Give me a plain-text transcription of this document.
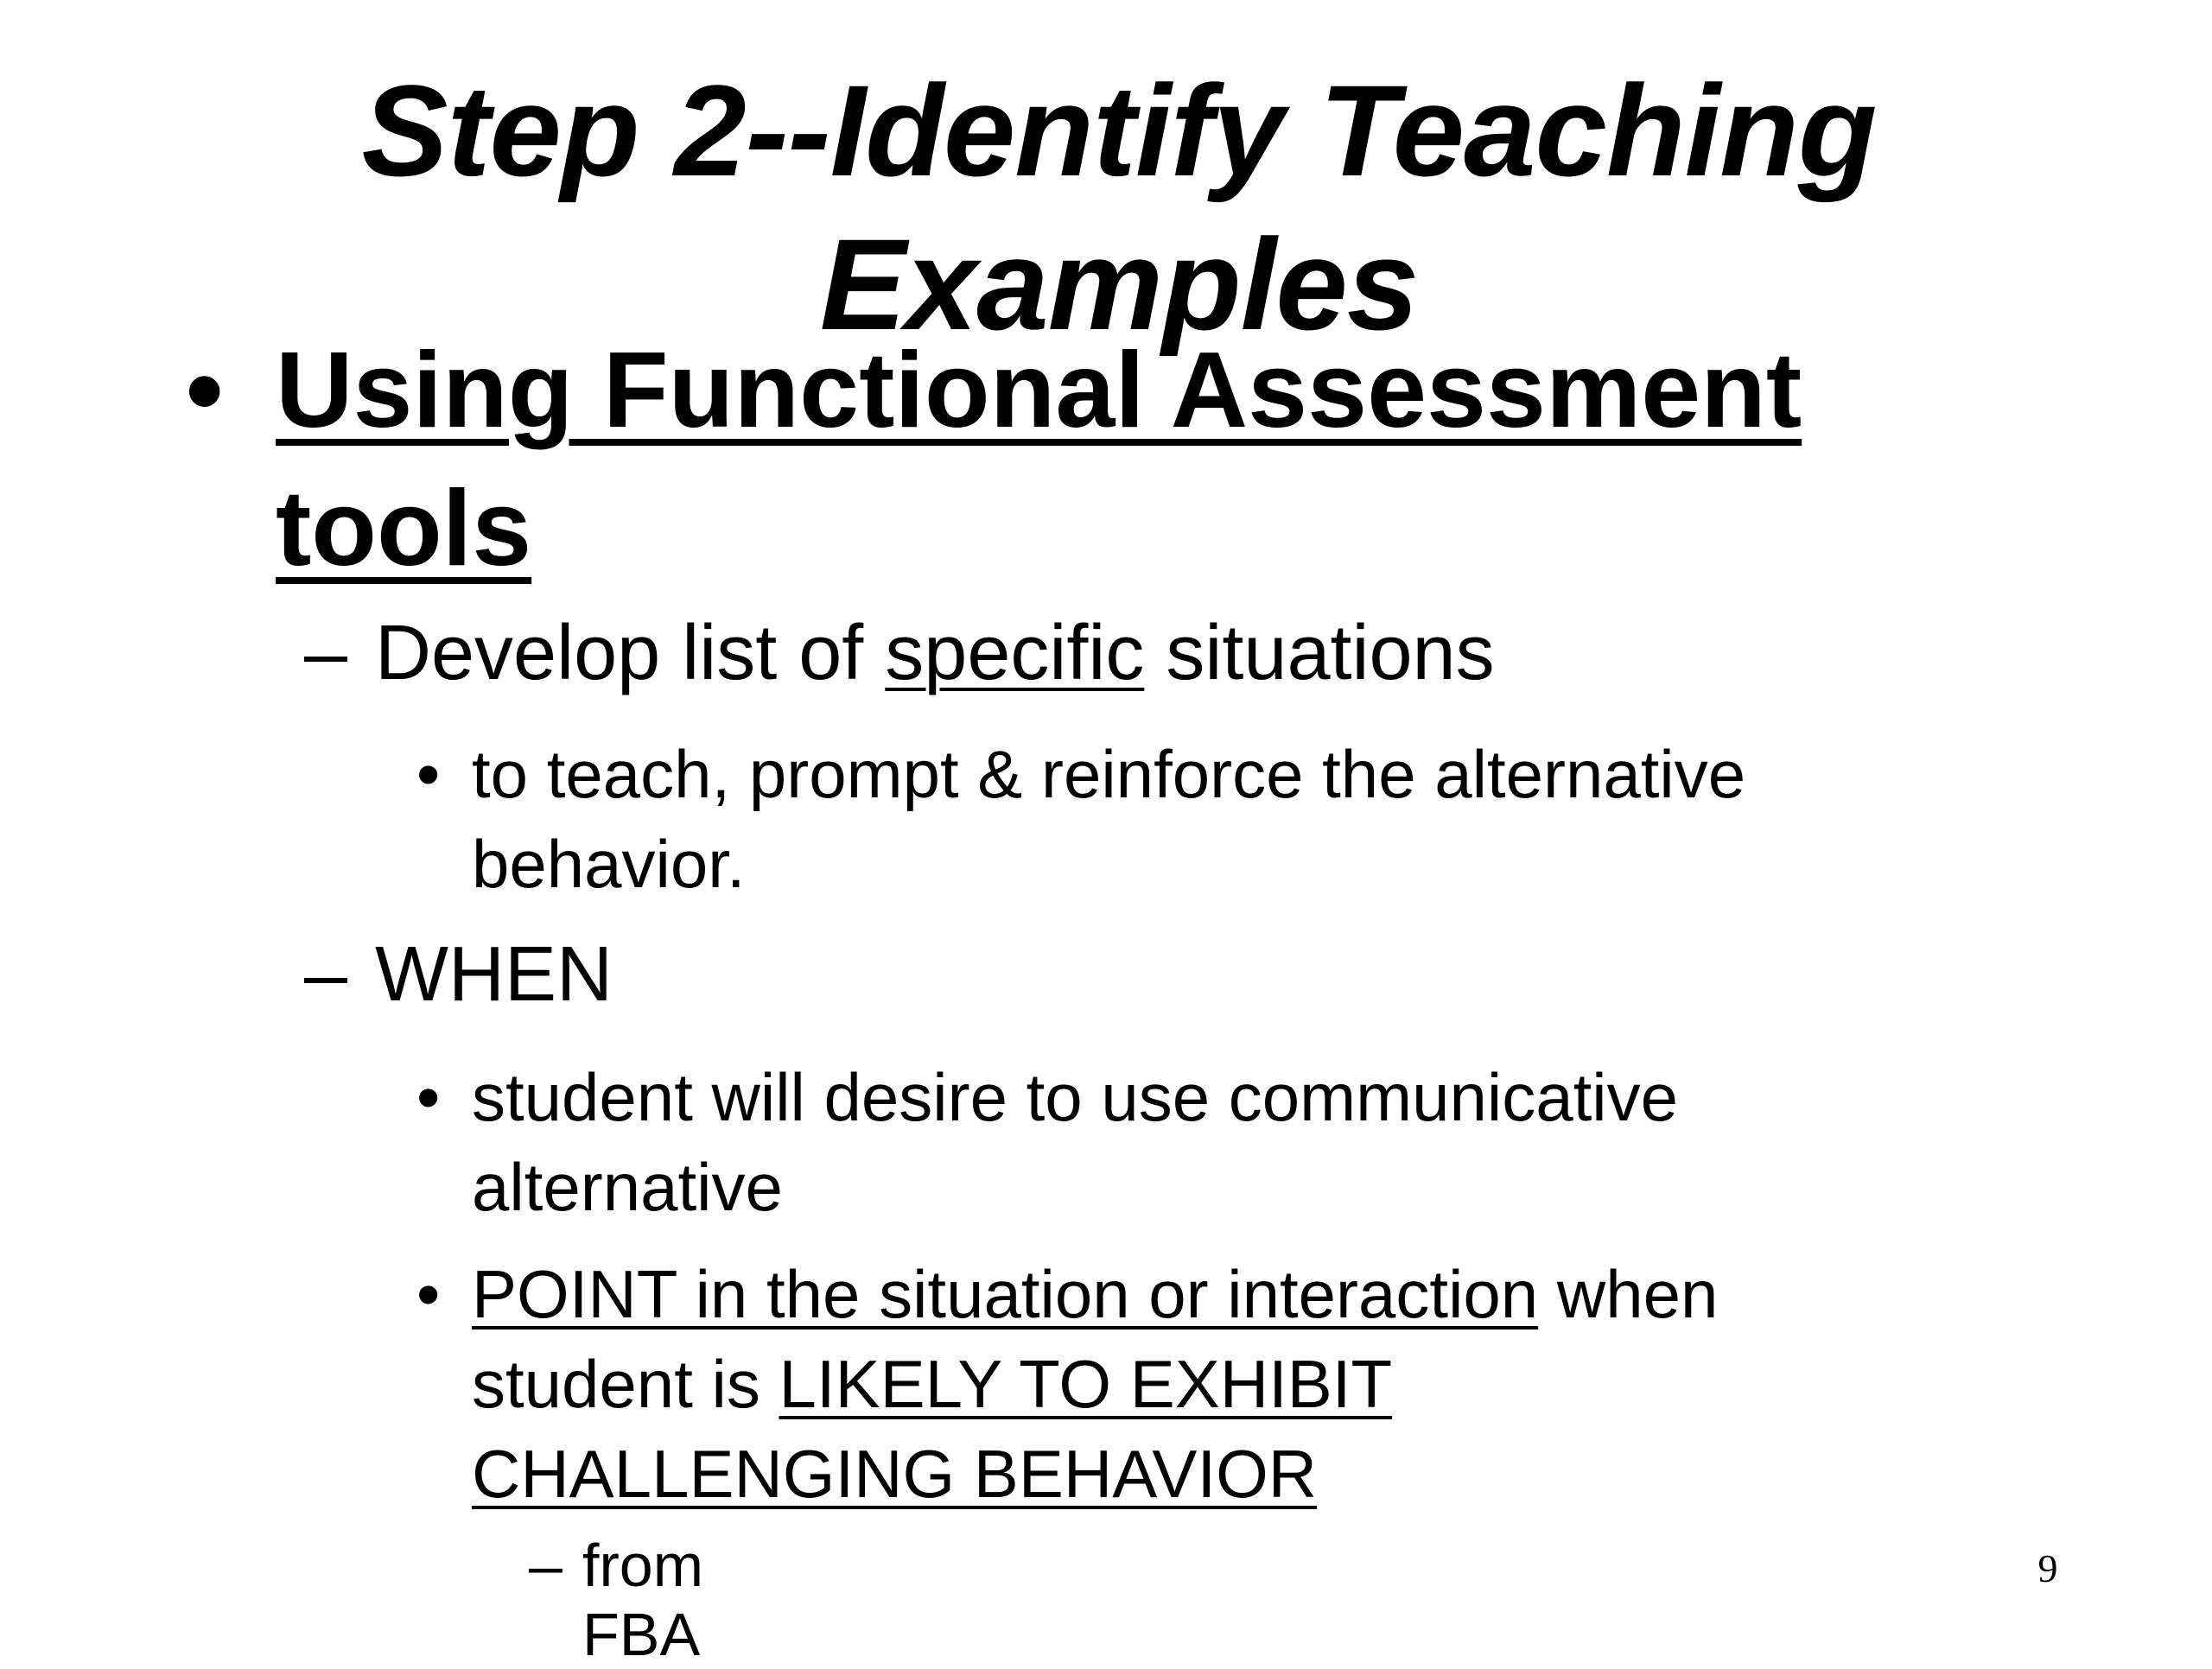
Step 2--Identify Teaching
Examples
• Using Functional Assessment
tools
– Develop list of specific situations
• to teach, prompt & reinforce the alternative
behavior.
– WHEN
• student will desire to use communicative
alternative
• POINT in the situation or interaction when
student is LIKELY TO EXHIBIT
CHALLENGING BEHAVIOR
– from FBA
9
